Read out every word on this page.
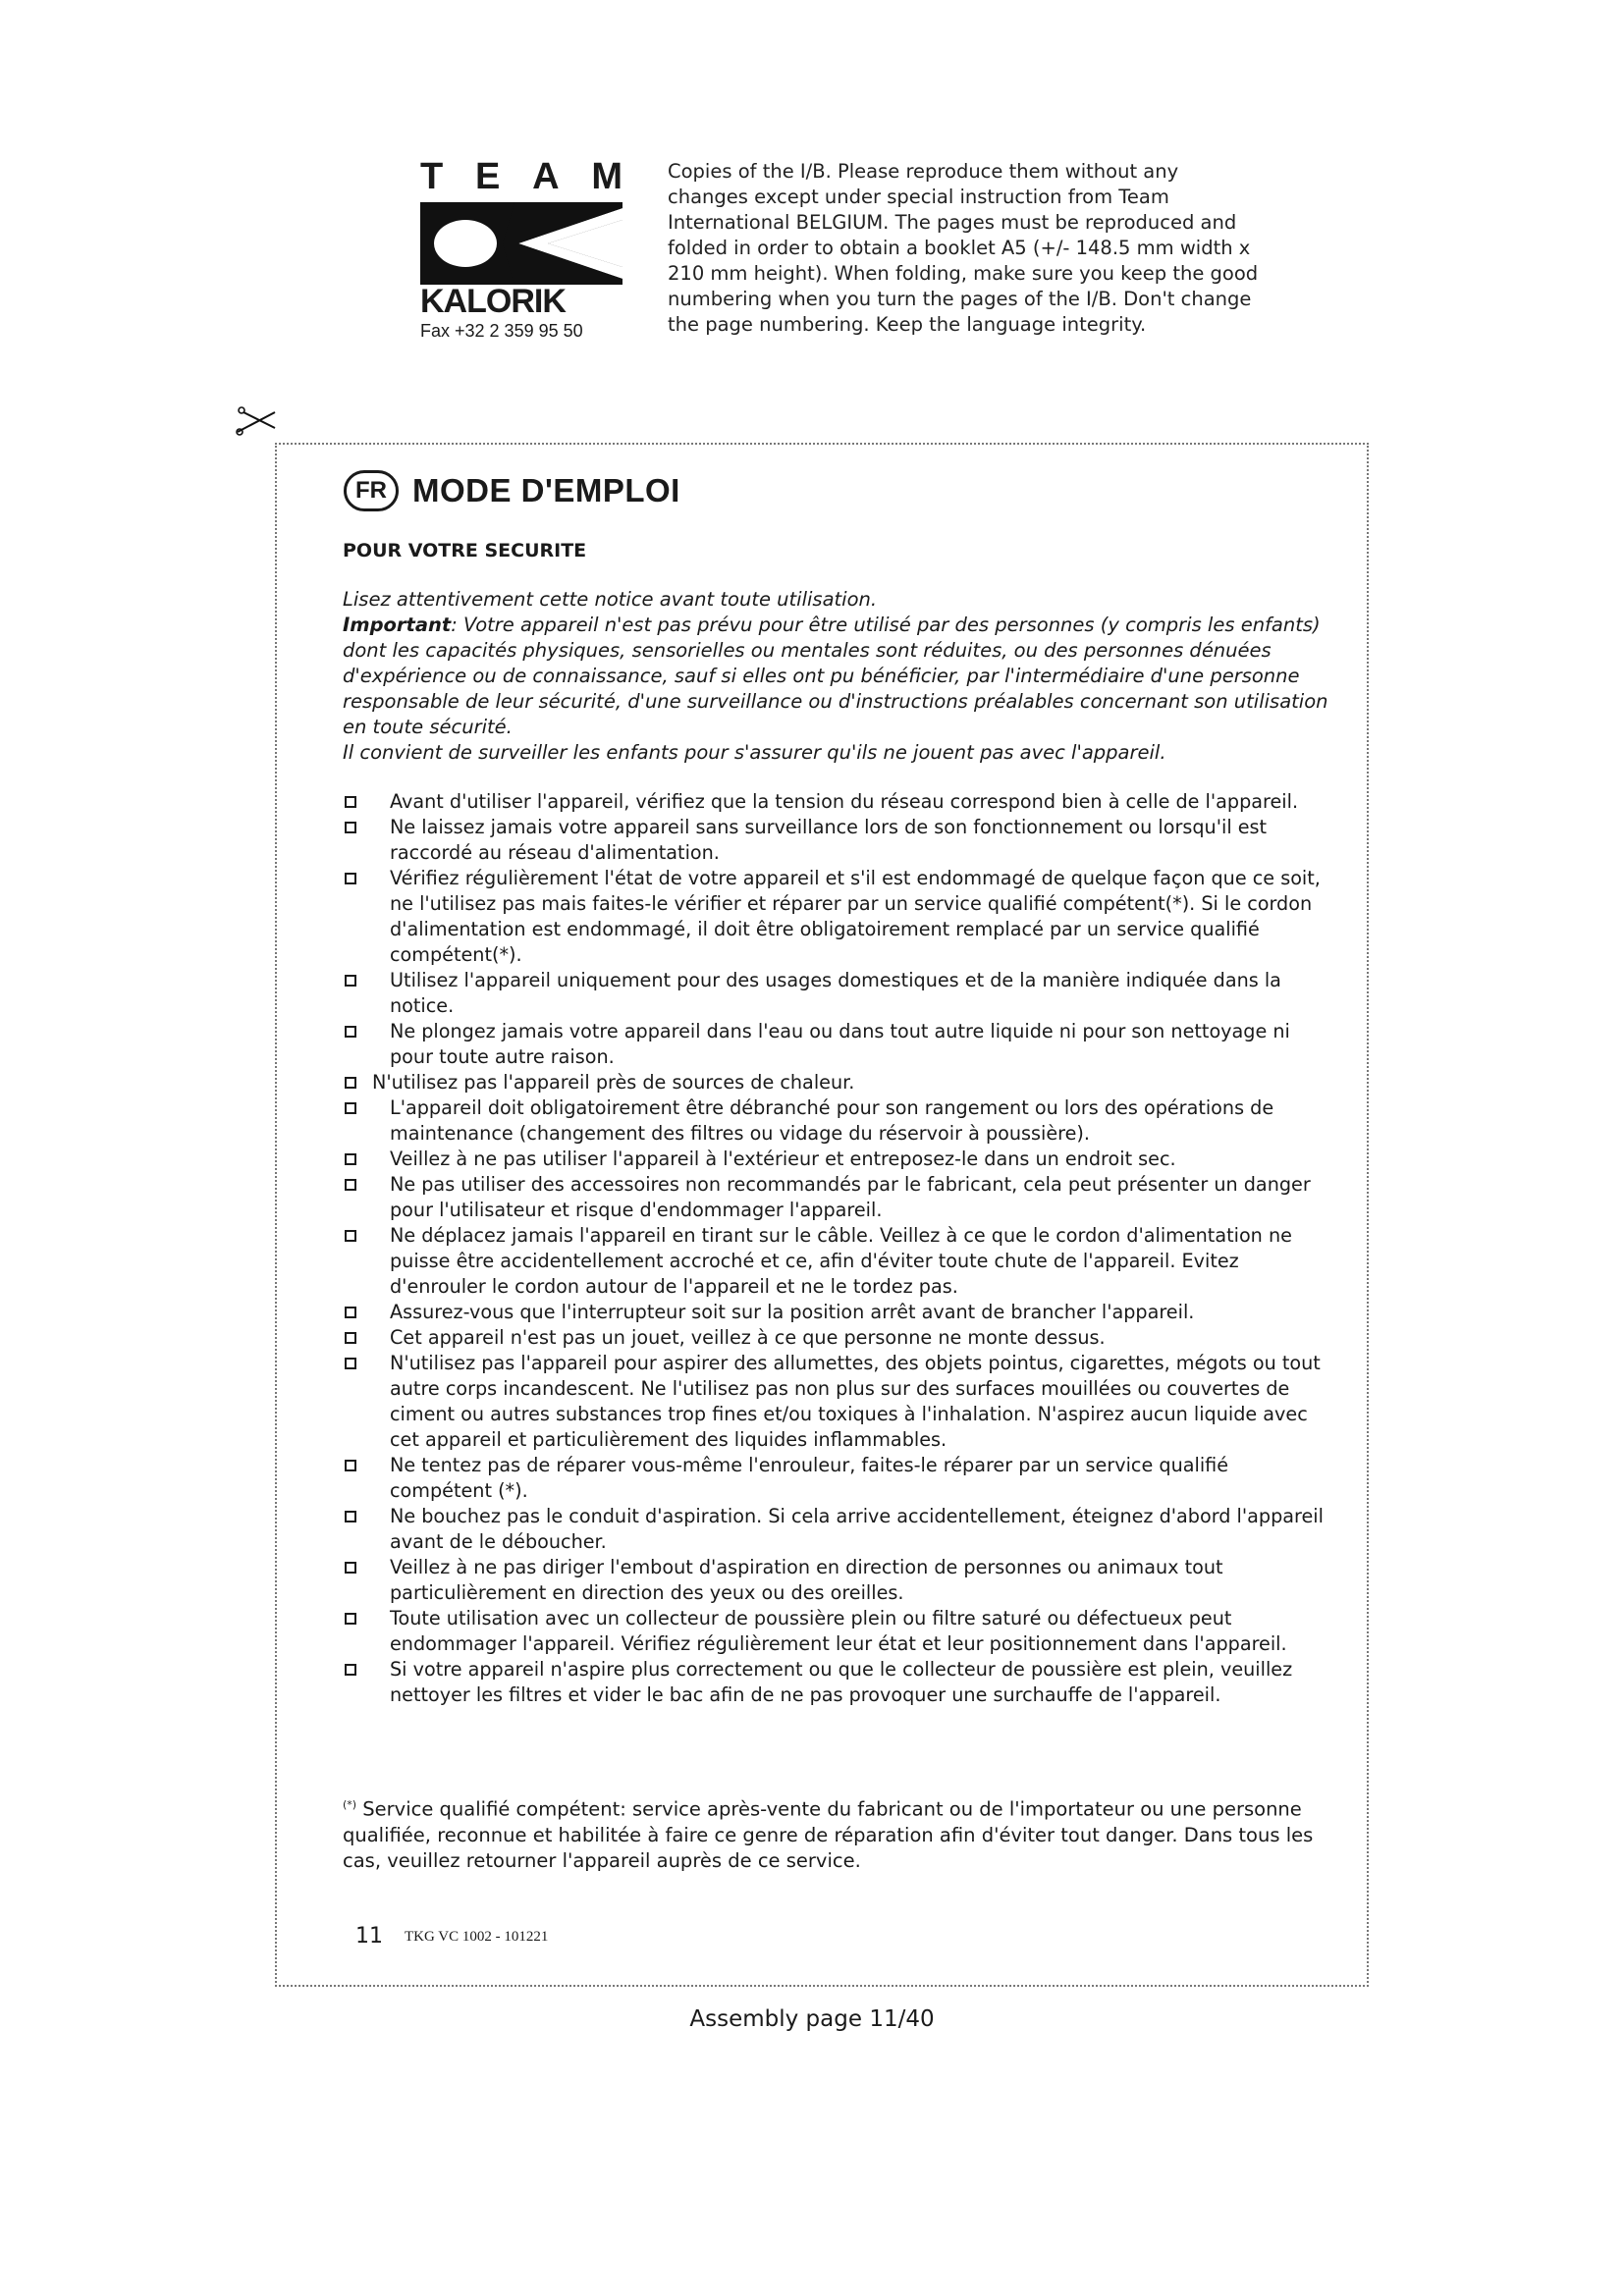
T E A M
KALORIK
Fax +32 2 359 95 50
Copies of the I/B. Please reproduce them without any
changes except under special instruction from Team
International BELGIUM. The pages must be reproduced and
folded in order to obtain a booklet A5 (+/- 148.5 mm width x
210 mm height). When folding, make sure you keep the good
numbering when you turn the pages of the I/B. Don't change
the page numbering. Keep the language integrity.
FR MODE D'EMPLOI
POUR VOTRE SECURITE

Lisez attentivement cette notice avant toute utilisation.

Important: Votre appareil n'est pas prévu pour être utilisé par des personnes (y compris les enfants) dont les capacités physiques, sensorielles ou mentales sont réduites, ou des personnes dénuées d'expérience ou de connaissance, sauf si elles ont pu bénéficier, par l'intermédiaire d'une personne responsable de leur sécurité, d'une surveillance ou d'instructions préalables concernant son utilisation en toute sécurité.

Il convient de surveiller les enfants pour s'assurer qu'ils ne jouent pas avec l'appareil.

Avant d'utiliser l'appareil, vérifiez que la tension du réseau correspond bien à celle de l'appareil.
Ne laissez jamais votre appareil sans surveillance lors de son fonctionnement ou lorsqu'il est raccordé au réseau d'alimentation.
Vérifiez régulièrement l'état de votre appareil et s'il est endommagé de quelque façon que ce soit, ne l'utilisez pas mais faites-le vérifier et réparer par un service qualifié compétent(*). Si le cordon d'alimentation est endommagé, il doit être obligatoirement remplacé par un service qualifié compétent(*).
Utilisez l'appareil uniquement pour des usages domestiques et de la manière indiquée dans la notice.
Ne plongez jamais votre appareil dans l'eau ou dans tout autre liquide ni pour son nettoyage ni pour toute autre raison.
N'utilisez pas l'appareil près de sources de chaleur.
L'appareil doit obligatoirement être débranché pour son rangement ou lors des opérations de maintenance (changement des filtres ou vidage du réservoir à poussière).
Veillez à ne pas utiliser l'appareil à l'extérieur et entreposez-le dans un endroit sec.
Ne pas utiliser des accessoires non recommandés par le fabricant, cela peut présenter un danger pour l'utilisateur et risque d'endommager l'appareil.
Ne déplacez jamais l'appareil en tirant sur le câble. Veillez à ce que le cordon d'alimentation ne puisse être accidentellement accroché et ce, afin d'éviter toute chute de l'appareil. Evitez d'enrouler le cordon autour de l'appareil et ne le tordez pas.
Assurez-vous que l'interrupteur soit sur la position arrêt avant de brancher l'appareil.
Cet appareil n'est pas un jouet, veillez à ce que personne ne monte dessus.
N'utilisez pas l'appareil pour aspirer des allumettes, des objets pointus, cigarettes, mégots ou tout autre corps incandescent. Ne l'utilisez pas non plus sur des surfaces mouillées ou couvertes de ciment ou autres substances trop fines et/ou toxiques à l'inhalation. N'aspirez aucun liquide avec cet appareil et particulièrement des liquides inflammables.
Ne tentez pas de réparer vous-même l'enrouleur, faites-le réparer par un service qualifié compétent (*).
Ne bouchez pas le conduit d'aspiration. Si cela arrive accidentellement, éteignez d'abord l'appareil avant de le déboucher.
Veillez à ne pas diriger l'embout d'aspiration en direction de personnes ou animaux tout particulièrement en direction des yeux ou des oreilles.
Toute utilisation avec un collecteur de poussière plein ou filtre saturé ou défectueux peut endommager l'appareil. Vérifiez régulièrement leur état et leur positionnement dans l'appareil.
Si votre appareil n'aspire plus correctement ou que le collecteur de poussière est plein, veuillez nettoyer les filtres et vider le bac afin de ne pas provoquer une surchauffe de l'appareil.
(*) Service qualifié compétent: service après-vente du fabricant ou de l'importateur ou une personne qualifiée, reconnue et habilitée à faire ce genre de réparation afin d'éviter tout danger. Dans tous les cas, veuillez retourner l'appareil auprès de ce service.
11 TKG VC 1002 - 101221
Assembly page 11/40
